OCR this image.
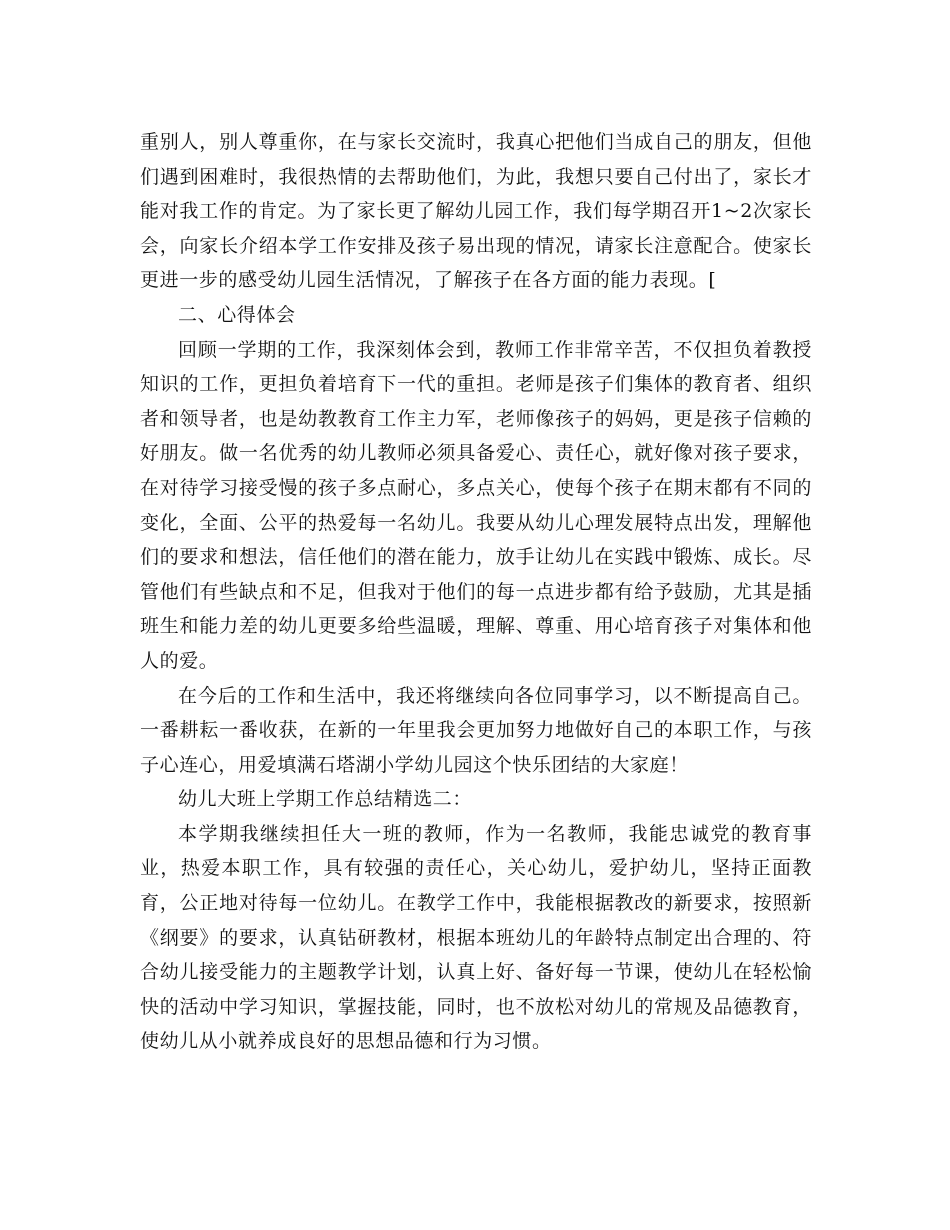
重别人，别人尊重你，在与家长交流时，我真心把他们当成自己的朋友，但他们遇到困难时，我很热情的去帮助他们，为此，我想只要自己付出了，家长才能对我工作的肯定。为了家长更了解幼儿园工作，我们每学期召开1~2次家长会，向家长介绍本学工作安排及孩子易出现的情况，请家长注意配合。使家长更进一步的感受幼儿园生活情况，了解孩子在各方面的能力表现。[

二、心得体会

回顾一学期的工作，我深刻体会到，教师工作非常辛苦，不仅担负着教授知识的工作，更担负着培育下一代的重担。老师是孩子们集体的教育者、组织者和领导者，也是幼教教育工作主力军，老师像孩子的妈妈，更是孩子信赖的好朋友。做一名优秀的幼儿教师必须具备爱心、责任心，就好像对孩子要求，在对待学习接受慢的孩子多点耐心，多点关心，使每个孩子在期末都有不同的变化，全面、公平的热爱每一名幼儿。我要从幼儿心理发展特点出发，理解他们的要求和想法，信任他们的潜在能力，放手让幼儿在实践中锻炼、成长。尽管他们有些缺点和不足，但我对于他们的每一点进步都有给予鼓励，尤其是插班生和能力差的幼儿更要多给些温暖，理解、尊重、用心培育孩子对集体和他人的爱。

在今后的工作和生活中，我还将继续向各位同事学习，以不断提高自己。一番耕耘一番收获，在新的一年里我会更加努力地做好自己的本职工作，与孩子心连心，用爱填满石塔湖小学幼儿园这个快乐团结的大家庭！

幼儿大班上学期工作总结精选二：

本学期我继续担任大一班的教师，作为一名教师，我能忠诚党的教育事业，热爱本职工作，具有较强的责任心，关心幼儿，爱护幼儿，坚持正面教育，公正地对待每一位幼儿。在教学工作中，我能根据教改的新要求，按照新《纲要》的要求，认真钻研教材，根据本班幼儿的年龄特点制定出合理的、符合幼儿接受能力的主题教学计划，认真上好、备好每一节课，使幼儿在轻松愉快的活动中学习知识，掌握技能，同时，也不放松对幼儿的常规及品德教育，使幼儿从小就养成良好的思想品德和行为习惯。
